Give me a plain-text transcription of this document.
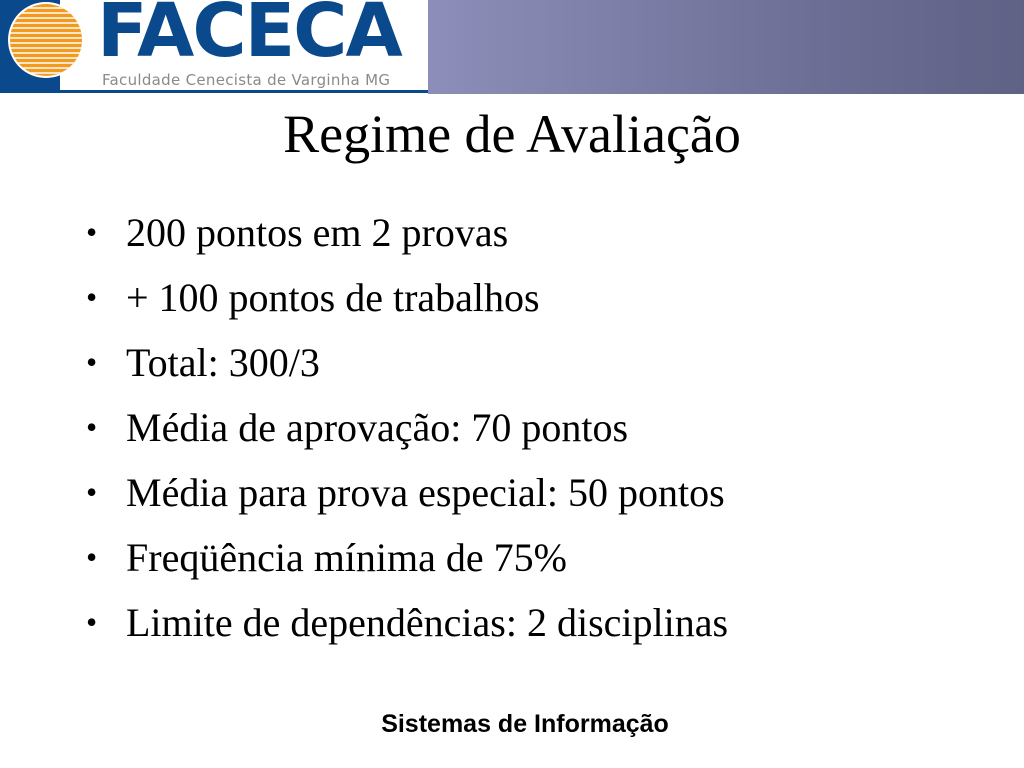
FACECA
Faculdade Cenecista de Varginha MG
Regime de Avaliação
• 200 pontos em 2 provas
• + 100 pontos de trabalhos
• Total: 300/3
• Média de aprovação: 70 pontos
• Média para prova especial: 50 pontos
• Freqüência mínima de 75%
• Limite de dependências: 2 disciplinas
Sistemas de Informação
